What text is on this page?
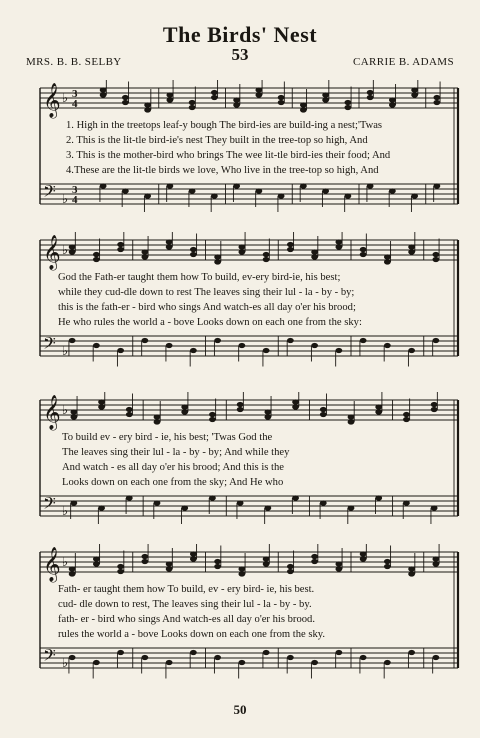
The Birds' Nest
53
MRS. B. B. SELBY	CARRIE B. ADAMS
𝄞 ♭ 3
4
𝄢 ♭
3
4
1. High in the treetops leaf-y bough The bird-ies are build-ing a nest;'Twas
2. This is the lit-tle bird-ie's nest They built in the tree-top so high, And
3. This is the mother-bird who brings The wee lit-tle bird-ies their food; And
4.These are the lit-tle birds we love, Who live in the tree-top so high, And
𝄞 ♭
𝄢 ♭
God the Fath-er taught them how To build, ev-ery bird-ie, his best;
while they cud-dle down to rest The leaves sing their lul - la - by - by;
this is the fath-er - bird who sings And watch-es all day o'er his brood;
He who rules the world a - bove Looks down on each one from the sky:
𝄞 ♭
𝄢 ♭
To build ev - ery bird - ie, his best; 'Twas God the
The leaves sing their lul - la - by - by; And while they
And watch - es all day o'er his brood; And this is the
Looks down on each one from the sky; And He who
𝄞 ♭
𝄢 ♭
Fath- er taught them how To build, ev - ery bird- ie, his best.
cud- dle down to rest, The leaves sing their lul - la - by - by.
fath- er - bird who sings And watch-es all day o'er his brood.
rules the world a - bove Looks down on each one from the sky.
50
